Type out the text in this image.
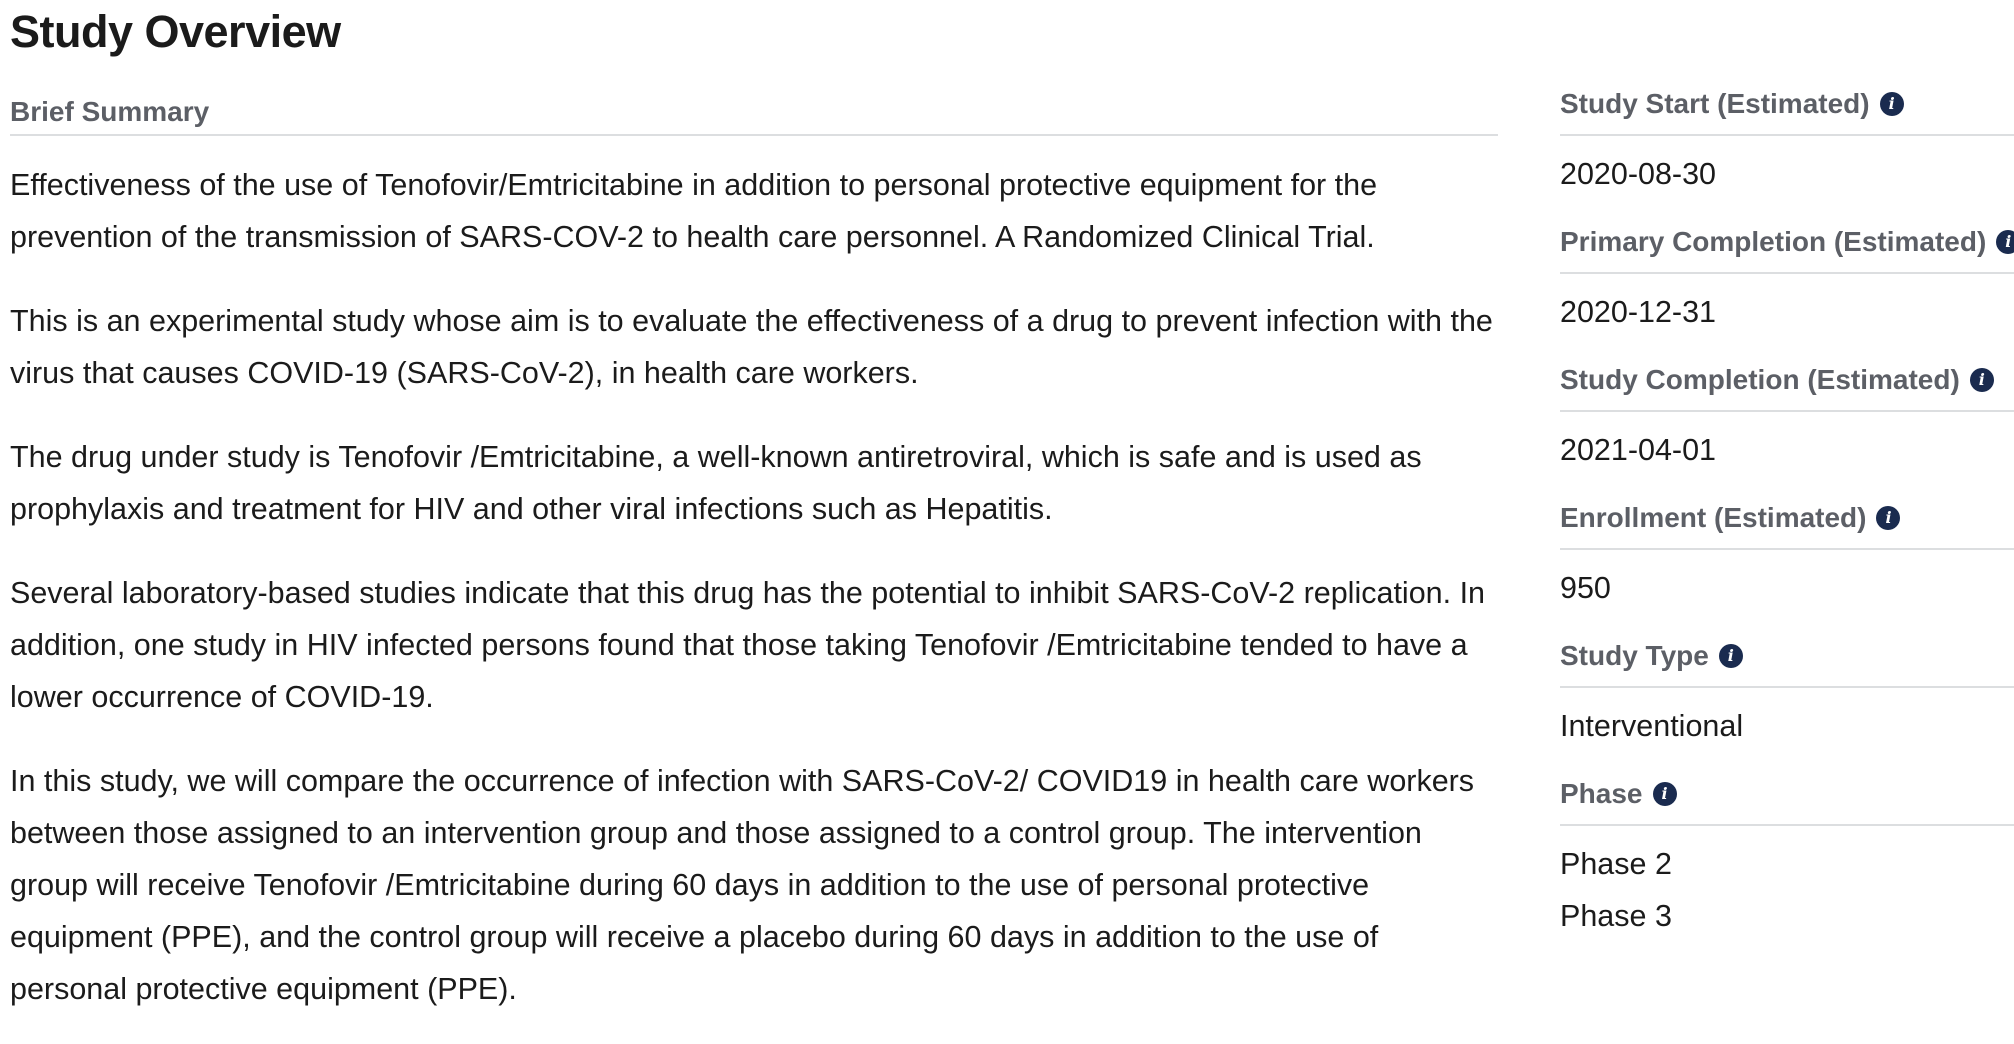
Study Overview
Brief Summary

Effectiveness of the use of Tenofovir/Emtricitabine in addition to personal protective equipment for the prevention of the transmission of SARS-COV-2 to health care personnel. A Randomized Clinical Trial.

This is an experimental study whose aim is to evaluate the effectiveness of a drug to prevent infection with the virus that causes COVID-19 (SARS-CoV-2), in health care workers.

The drug under study is Tenofovir /Emtricitabine, a well-known antiretroviral, which is safe and is used as prophylaxis and treatment for HIV and other viral infections such as Hepatitis.

Several laboratory-based studies indicate that this drug has the potential to inhibit SARS-CoV-2 replication. In addition, one study in HIV infected persons found that those taking Tenofovir /Emtricitabine tended to have a lower occurrence of COVID-19.

In this study, we will compare the occurrence of infection with SARS-CoV-2/ COVID19 in health care workers between those assigned to an intervention group and those assigned to a control group. The intervention group will receive Tenofovir /Emtricitabine during 60 days in addition to the use of personal protective equipment (PPE), and the control group will receive a placebo during 60 days in addition to the use of personal protective equipment (PPE).

Study Start (Estimated)	i
2020-08-30
Primary Completion (Estimated)	i
2020-12-31
Study Completion (Estimated)	i
2021-04-01
Enrollment (Estimated)	i
950
Study Type	i
Interventional
Phase	i
Phase 2
Phase 3
